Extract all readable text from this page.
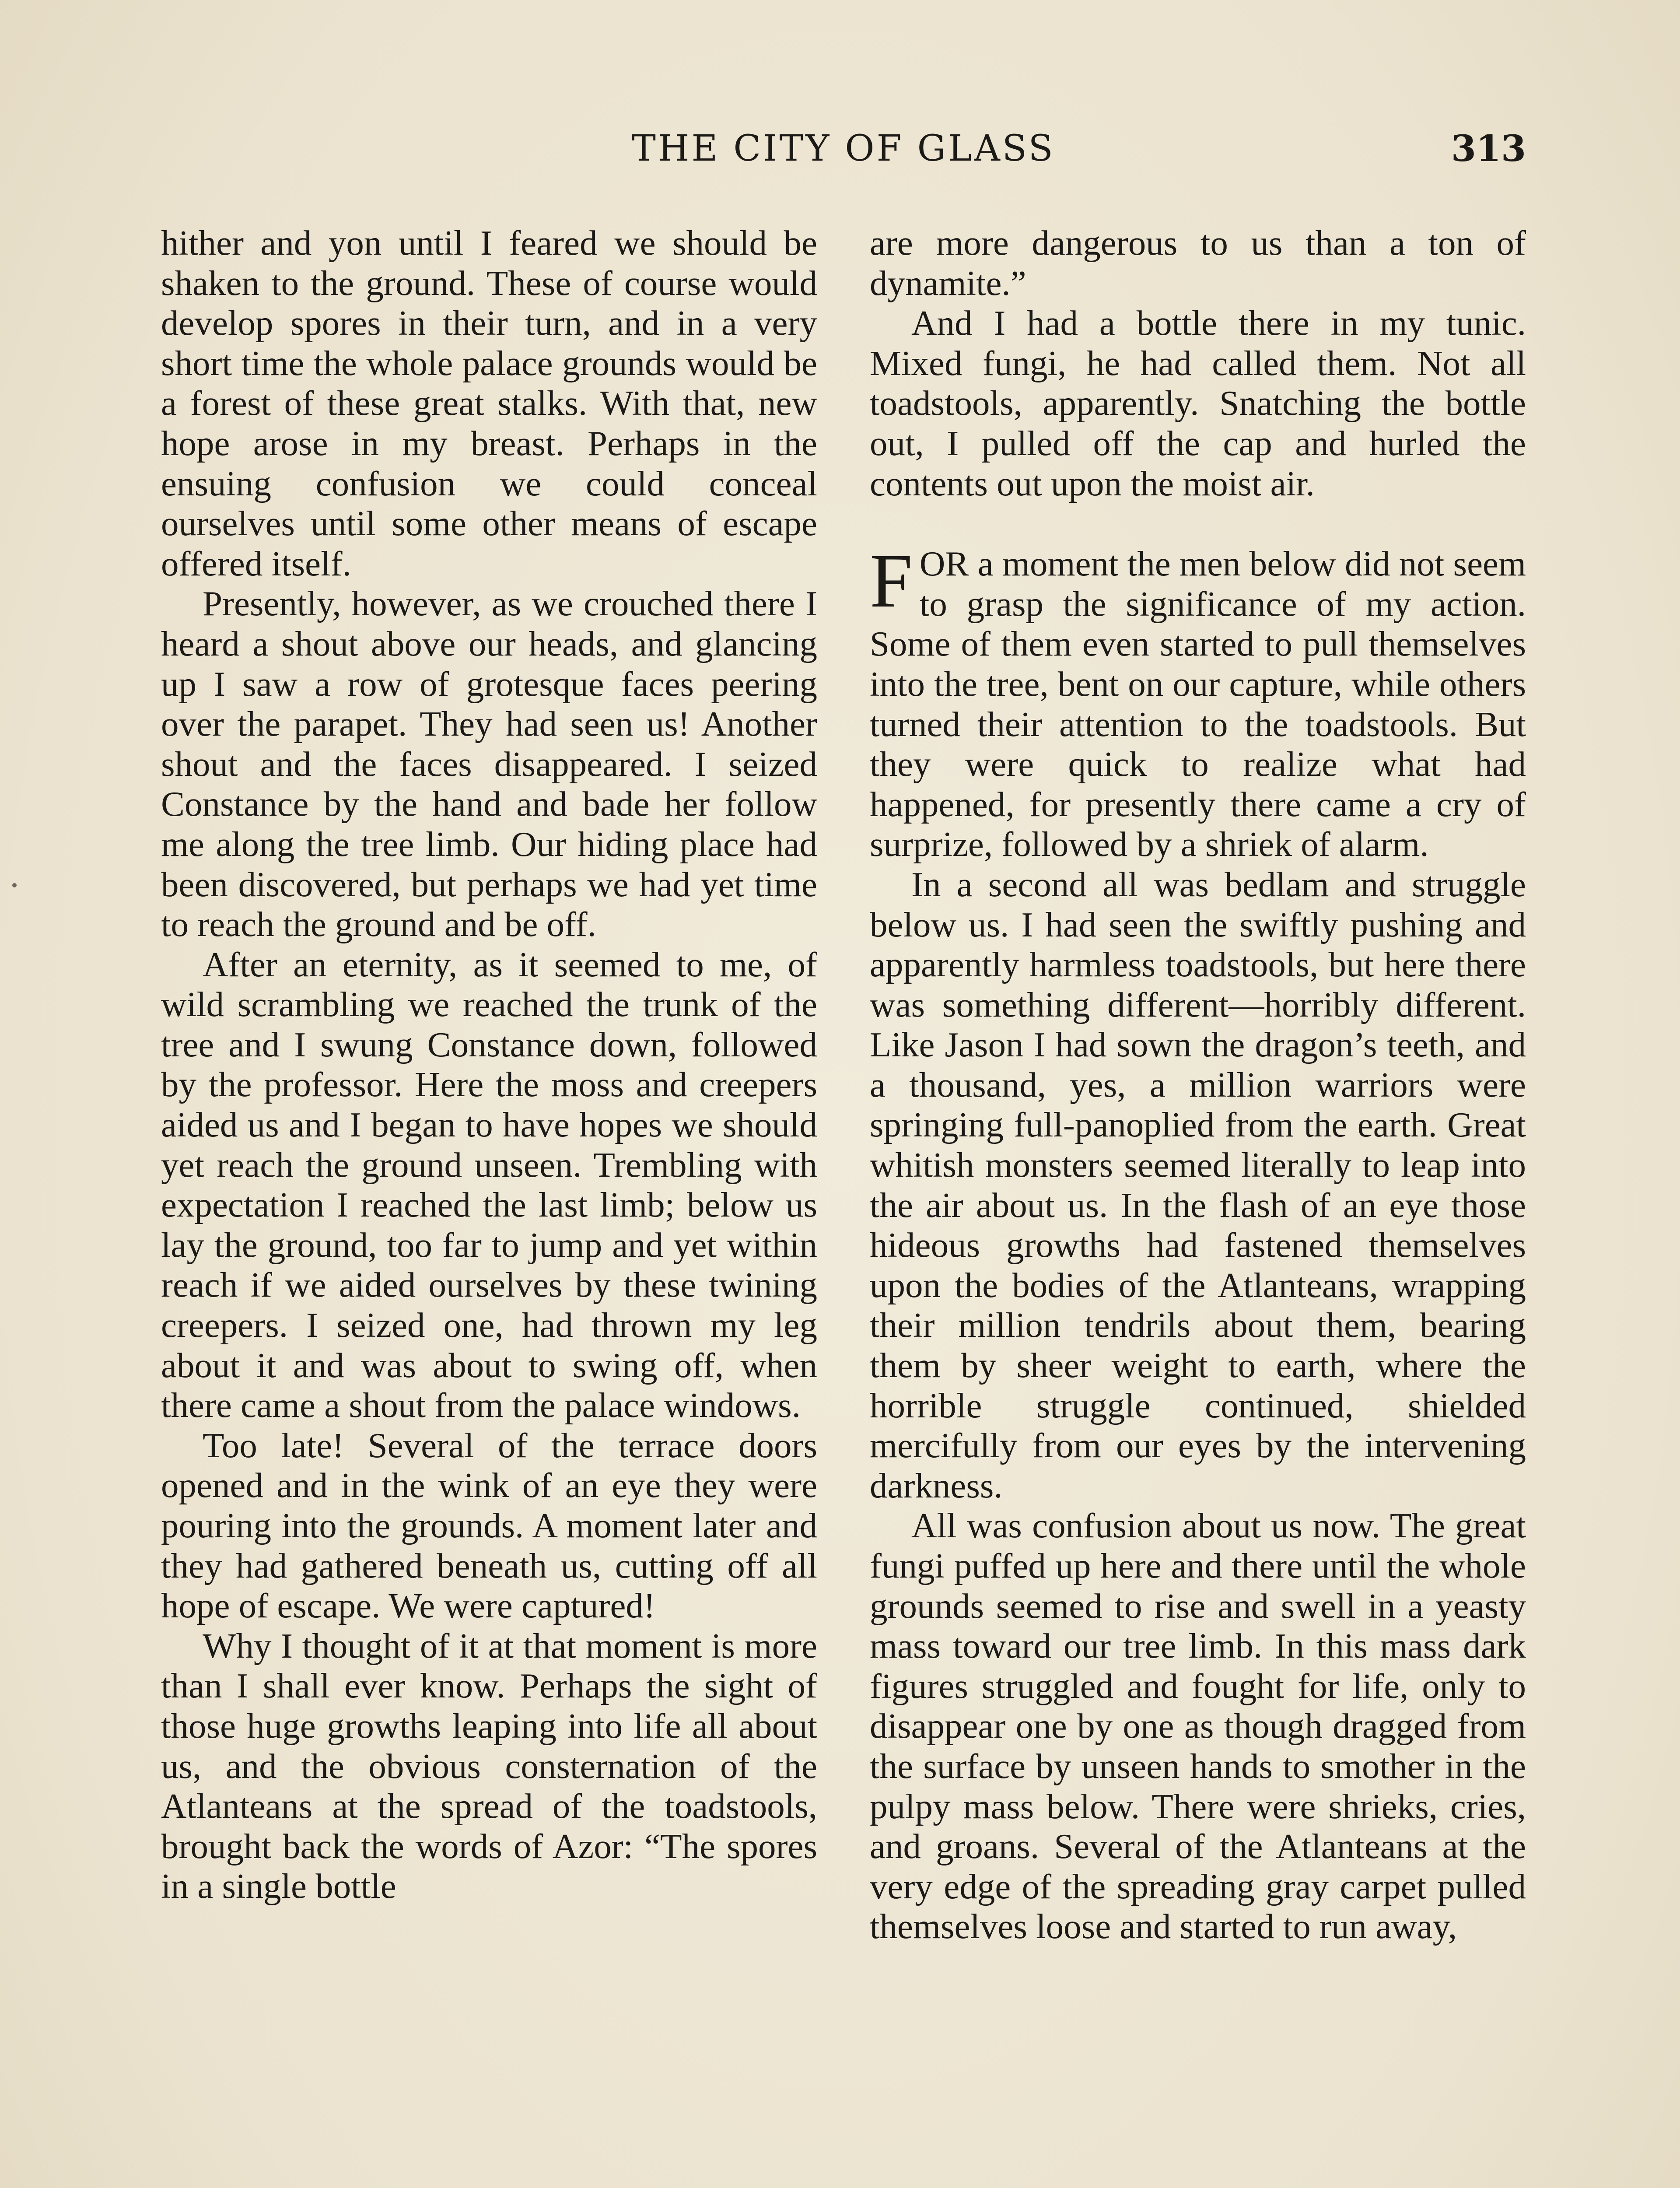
THE CITY OF GLASS	313

hither and yon until I feared we should be shaken to the ground. These of course would develop spores in their turn, and in a very short time the whole palace grounds would be a forest of these great stalks. With that, new hope arose in my breast. Perhaps in the ensuing confusion we could conceal ourselves until some other means of escape offered itself.

Presently, however, as we crouched there I heard a shout above our heads, and glancing up I saw a row of grotesque faces peering over the parapet. They had seen us! Another shout and the faces disappeared. I seized Constance by the hand and bade her follow me along the tree limb. Our hiding place had been discovered, but perhaps we had yet time to reach the ground and be off.

After an eternity, as it seemed to me, of wild scrambling we reached the trunk of the tree and I swung Constance down, followed by the professor. Here the moss and creepers aided us and I began to have hopes we should yet reach the ground unseen. Trembling with expectation I reached the last limb; below us lay the ground, too far to jump and yet within reach if we aided ourselves by these twining creepers. I seized one, had thrown my leg about it and was about to swing off, when there came a shout from the palace windows.

Too late! Several of the terrace doors opened and in the wink of an eye they were pouring into the grounds. A moment later and they had gathered beneath us, cutting off all hope of escape. We were captured!

Why I thought of it at that moment is more than I shall ever know. Perhaps the sight of those huge growths leaping into life all about us, and the obvious consternation of the Atlanteans at the spread of the toadstools, brought back the words of Azor: “The spores in a single bottle

are more dangerous to us than a ton of dynamite.”

And I had a bottle there in my tunic. Mixed fungi, he had called them. Not all toadstools, apparently. Snatching the bottle out, I pulled off the cap and hurled the contents out upon the moist air.

FOR a moment the men below did not seem to grasp the significance of my action. Some of them even started to pull themselves into the tree, bent on our capture, while others turned their attention to the toadstools. But they were quick to realize what had happened, for presently there came a cry of surprize, followed by a shriek of alarm.

In a second all was bedlam and struggle below us. I had seen the swiftly pushing and apparently harmless toadstools, but here there was something different—horribly different. Like Jason I had sown the dragon’s teeth, and a thousand, yes, a million warriors were springing full-panoplied from the earth. Great whitish monsters seemed literally to leap into the air about us. In the flash of an eye those hideous growths had fastened themselves upon the bodies of the Atlanteans, wrapping their million tendrils about them, bearing them by sheer weight to earth, where the horrible struggle continued, shielded mercifully from our eyes by the intervening darkness.

All was confusion about us now. The great fungi puffed up here and there until the whole grounds seemed to rise and swell in a yeasty mass toward our tree limb. In this mass dark figures struggled and fought for life, only to disappear one by one as though dragged from the surface by unseen hands to smother in the pulpy mass below. There were shrieks, cries, and groans. Several of the Atlanteans at the very edge of the spreading gray carpet pulled themselves loose and started to run away,
